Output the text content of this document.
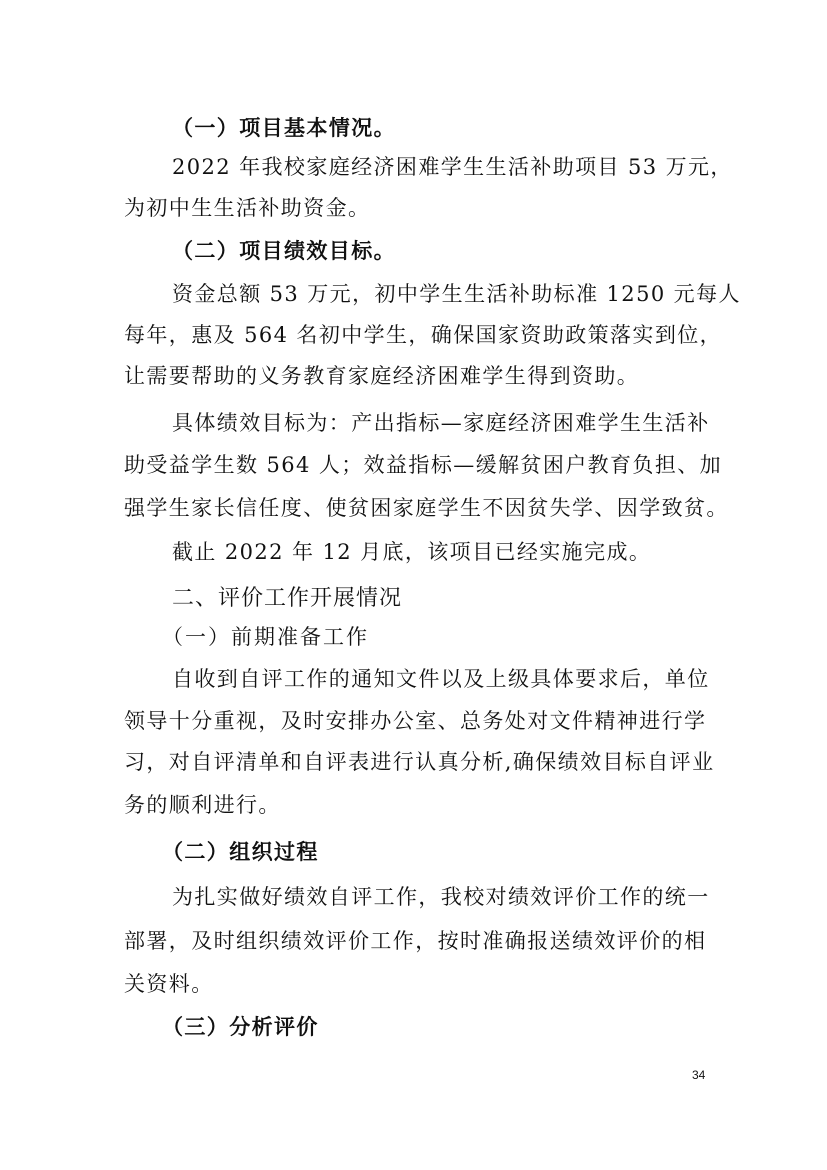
（一）项目基本情况。
2022 年我校家庭经济困难学生生活补助项目 53 万元，
为初中生生活补助资金。
（二）项目绩效目标。
资金总额 53 万元，初中学生生活补助标准 1250 元每人
每年，惠及 564 名初中学生，确保国家资助政策落实到位，
让需要帮助的义务教育家庭经济困难学生得到资助。
具体绩效目标为：产出指标—家庭经济困难学生生活补
助受益学生数 564 人；效益指标—缓解贫困户教育负担、加
强学生家长信任度、使贫困家庭学生不因贫失学、因学致贫。
截止 2022 年 12 月底，该项目已经实施完成。
二、评价工作开展情况
（一）前期准备工作
自收到自评工作的通知文件以及上级具体要求后，单位
领导十分重视，及时安排办公室、总务处对文件精神进行学
习，对自评清单和自评表进行认真分析,确保绩效目标自评业
务的顺利进行。
（二）组织过程
为扎实做好绩效自评工作，我校对绩效评价工作的统一
部署，及时组织绩效评价工作，按时准确报送绩效评价的相
关资料。
（三）分析评价
34
